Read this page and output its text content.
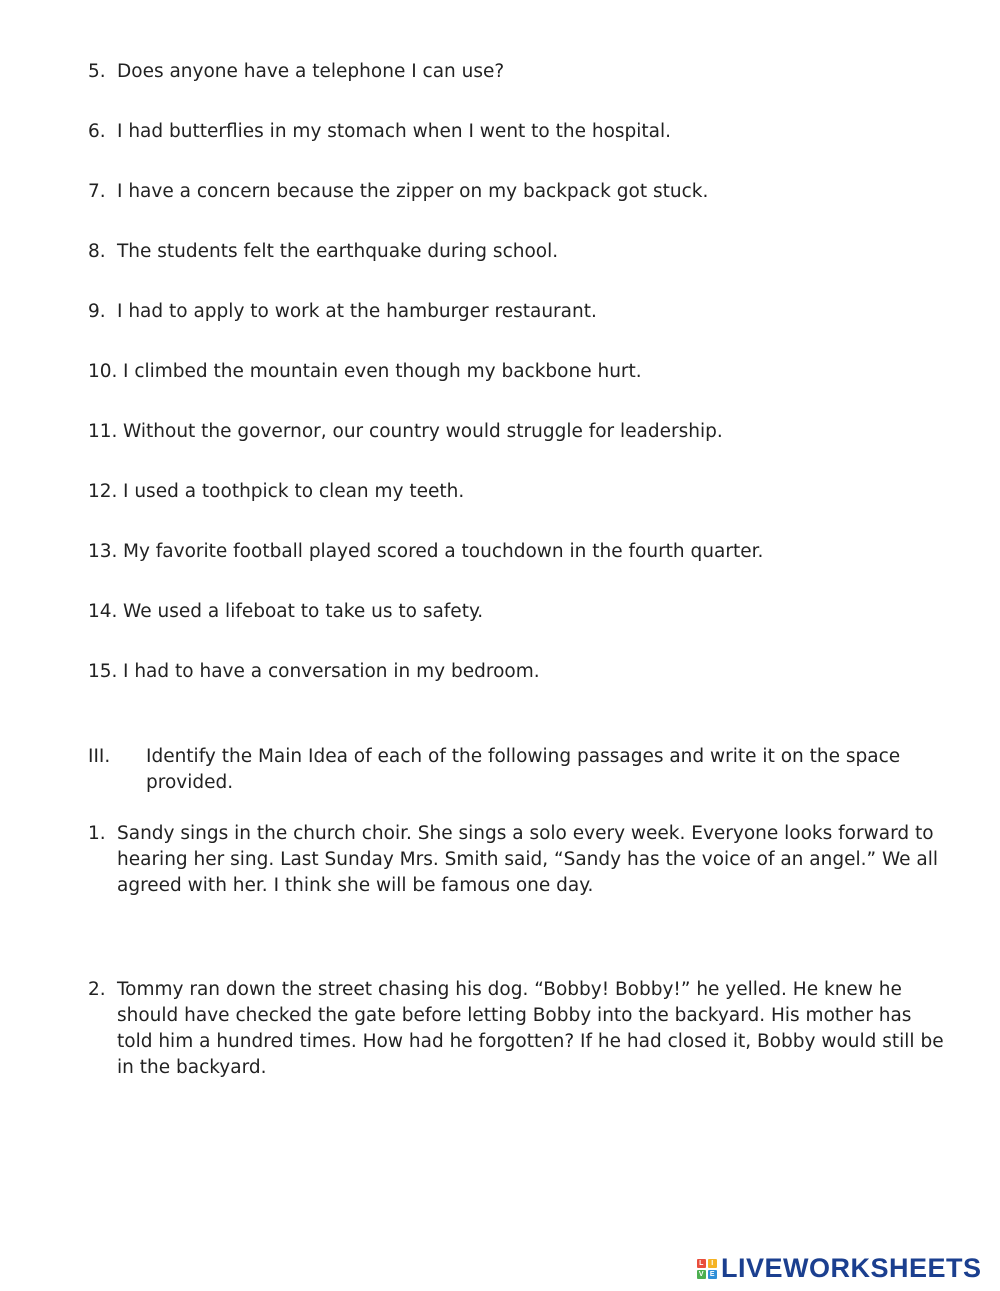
5. Does anyone have a telephone I can use?
6. I had butterflies in my stomach when I went to the hospital.
7. I have a concern because the zipper on my backpack got stuck.
8. The students felt the earthquake during school.
9. I had to apply to work at the hamburger restaurant.
10. I climbed the mountain even though my backbone hurt.
11. Without the governor, our country would struggle for leadership.
12. I used a toothpick to clean my teeth.
13. My favorite football played scored a touchdown in the fourth quarter.
14. We used a lifeboat to take us to safety.
15. I had to have a conversation in my bedroom.
III.	Identify the Main Idea of each of the following passages and write it on the space provided.
1. Sandy sings in the church choir. She sings a solo every week. Everyone looks forward to hearing her sing. Last Sunday Mrs. Smith said, “Sandy has the voice of an angel.” We all agreed with her. I think she will be famous one day.
2. Tommy ran down the street chasing his dog. “Bobby! Bobby!” he yelled. He knew he should have checked the gate before letting Bobby into the backyard. His mother has told him a hundred times. How had he forgotten? If he had closed it, Bobby would still be in the backyard.
L	I
V E LIVEWORKSHEETS
